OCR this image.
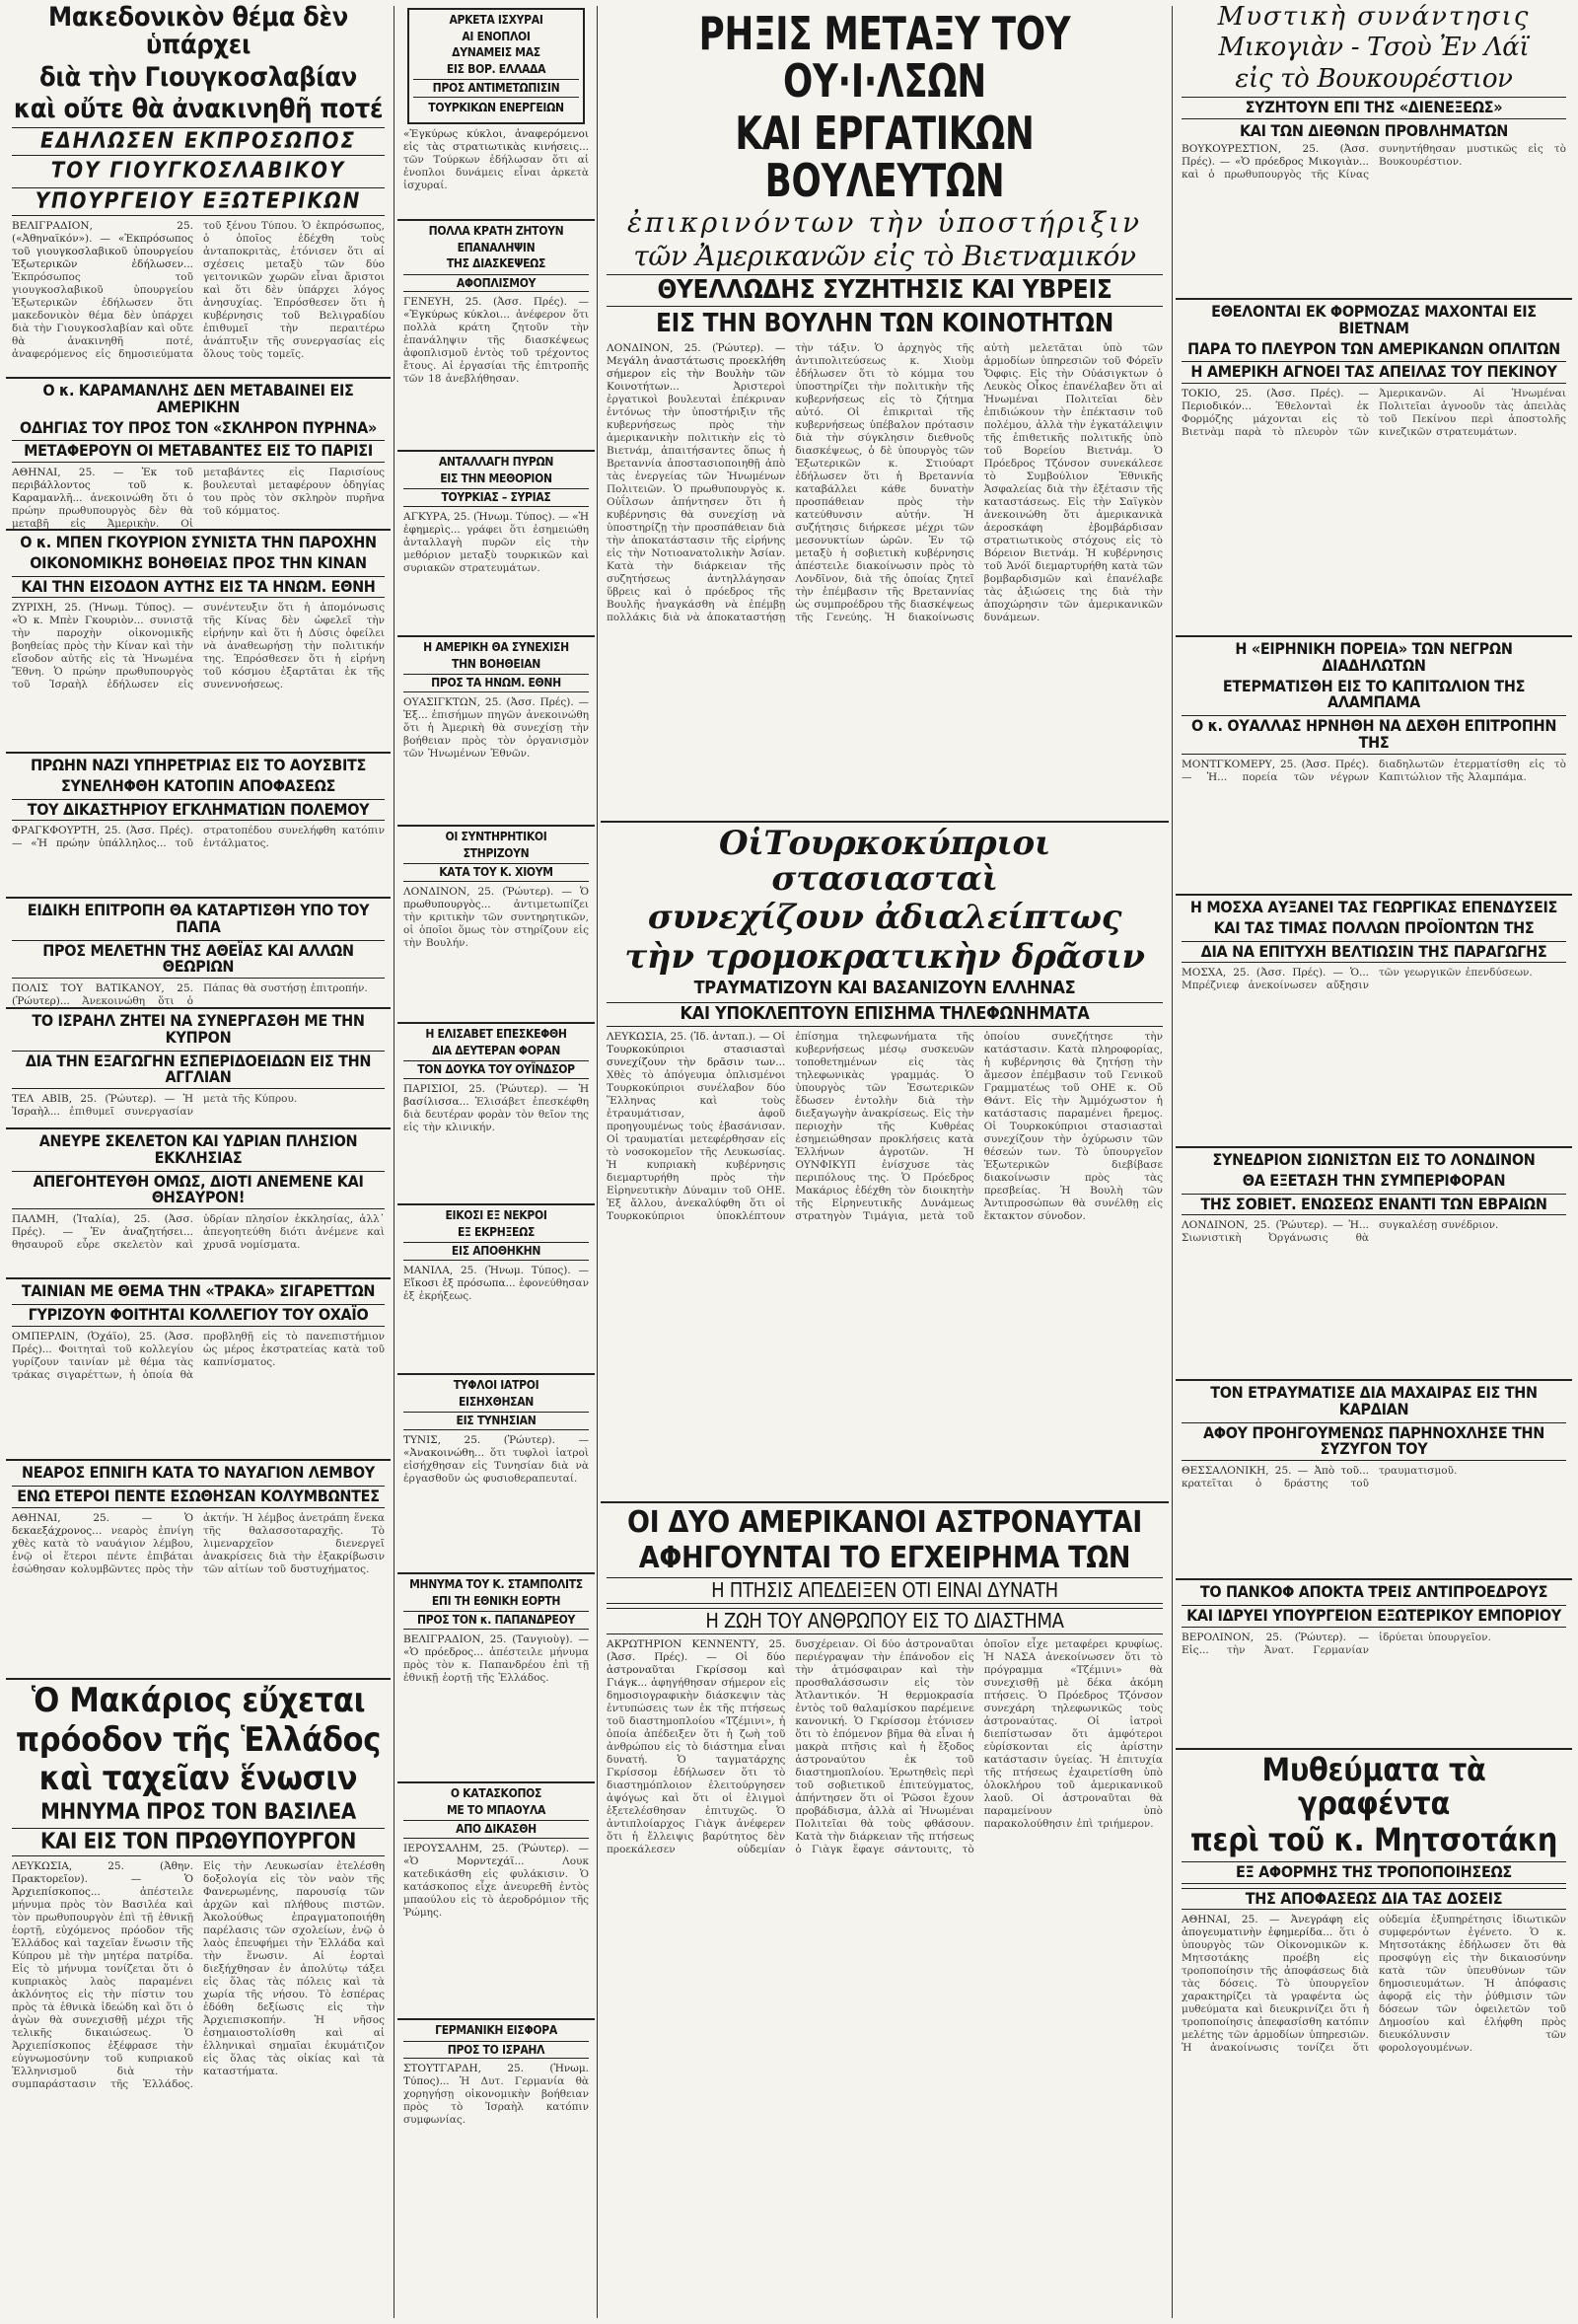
Μακεδονικὸν θέμα δὲν ὑπάρχει
διὰ τὴν Γιουγκοσλαβίαν
καὶ οὔτε θὰ ἀνακινηθῆ ποτέ
ΕΔΗΛΩΣΕΝ ΕΚΠΡΟΣΩΠΟΣ
ΤΟΥ ΓΙΟΥΓΚΟΣΛΑΒΙΚΟΥ
ΥΠΟΥΡΓΕΙΟΥ ΕΞΩΤΕΡΙΚΩΝ
ΒΕΛΙΓΡΑΔΙΟΝ, 25. («Ἀθηναϊκόν»). — «Ἐκπρόσωπος τοῦ γιουγκοσλαβικοῦ ὑπουργείου Ἐξωτερικῶν ἐδήλωσεν... Ἐκπρόσωπος τοῦ γιουγκοσλαβικοῦ ὑπουργείου Ἐξωτερικῶν ἐδήλωσεν ὅτι μακεδονικὸν θέμα δὲν ὑπάρχει διὰ τὴν Γιουγκοσλαβίαν καὶ οὔτε θὰ ἀνακινηθῆ ποτέ, ἀναφερόμενος εἰς δημοσιεύματα τοῦ ξένου Τύπου. Ὁ ἐκπρόσωπος, ὁ ὁποῖος ἐδέχθη τοὺς ἀνταποκριτὰς, ἐτόνισεν ὅτι αἱ σχέσεις μεταξὺ τῶν δύο γειτονικῶν χωρῶν εἶναι ἄριστοι καὶ ὅτι δὲν ὑπάρχει λόγος ἀνησυχίας. Ἐπρόσθεσεν ὅτι ἡ κυβέρνησις τοῦ Βελιγραδίου ἐπιθυμεῖ τὴν περαιτέρω ἀνάπτυξιν τῆς συνεργασίας εἰς ὅλους τοὺς τομεῖς.
Ο κ. ΚΑΡΑΜΑΝΛΗΣ ΔΕΝ ΜΕΤΑΒΑΙΝΕΙ ΕΙΣ ΑΜΕΡΙΚΗΝ
ΟΔΗΓΙΑΣ ΤΟΥ ΠΡΟΣ ΤΟΝ «ΣΚΛΗΡΟΝ ΠΥΡΗΝΑ»
ΜΕΤΑΦΕΡΟΥΝ ΟΙ ΜΕΤΑΒΑΝΤΕΣ ΕΙΣ ΤΟ ΠΑΡΙΣΙ
ΑΘΗΝΑΙ, 25. — Ἐκ τοῦ περιβάλλοντος τοῦ κ. Καραμανλῆ... ἀνεκοινώθη ὅτι ὁ πρώην πρωθυπουργὸς δὲν θὰ μεταβῆ εἰς Ἀμερικὴν. Οἱ μεταβάντες εἰς Παρισίους βουλευταὶ μεταφέρουν ὁδηγίας του πρὸς τὸν σκληρὸν πυρῆνα τοῦ κόμματος.
Ο κ. ΜΠΕΝ ΓΚΟΥΡΙΟΝ ΣΥΝΙΣΤΑ ΤΗΝ ΠΑΡΟΧΗΝ
ΟΙΚΟΝΟΜΙΚΗΣ ΒΟΗΘΕΙΑΣ ΠΡΟΣ ΤΗΝ ΚΙΝΑΝ
ΚΑΙ ΤΗΝ ΕΙΣΟΔΟΝ ΑΥΤΗΣ ΕΙΣ ΤΑ ΗΝΩΜ. ΕΘΝΗ
ΖΥΡΙΧΗ, 25. (Ἡνωμ. Τύπος). — «Ὁ κ. Μπὲν Γκουριὸν... συνιστᾷ τὴν παροχὴν οἰκονομικῆς βοηθείας πρὸς τὴν Κίναν καὶ τὴν εἴσοδον αὐτῆς εἰς τὰ Ἡνωμένα Ἔθνη. Ὁ πρώην πρωθυπουργὸς τοῦ Ἰσραὴλ ἐδήλωσεν εἰς συνέντευξιν ὅτι ἡ ἀπομόνωσις τῆς Κίνας δὲν ὠφελεῖ τὴν εἰρήνην καὶ ὅτι ἡ Δύσις ὀφείλει νὰ ἀναθεωρήσῃ τὴν πολιτικήν της. Ἐπρόσθεσεν ὅτι ἡ εἰρήνη τοῦ κόσμου ἐξαρτᾶται ἐκ τῆς συνεννοήσεως.
ΠΡΩΗΝ ΝΑΖΙ ΥΠΗΡΕΤΡΙΑΣ ΕΙΣ ΤΟ ΑΟΥΣΒΙΤΣ
ΣΥΝΕΛΗΦΘΗ ΚΑΤΟΠΙΝ ΑΠΟΦΑΣΕΩΣ
ΤΟΥ ΔΙΚΑΣΤΗΡΙΟΥ ΕΓΚΛΗΜΑΤΙΩΝ ΠΟΛΕΜΟΥ
ΦΡΑΓΚΦΟΥΡΤΗ, 25. (Ἀσσ. Πρές). — «Ἡ πρώην ὑπάλληλος... τοῦ στρατοπέδου συνελήφθη κατόπιν ἐντάλματος.
ΕΙΔΙΚΗ ΕΠΙΤΡΟΠΗ ΘΑ ΚΑΤΑΡΤΙΣΘΗ ΥΠΟ ΤΟΥ ΠΑΠΑ
ΠΡΟΣ ΜΕΛΕΤΗΝ ΤΗΣ ΑΘΕΪΑΣ ΚΑΙ ΑΛΛΩΝ ΘΕΩΡΙΩΝ
ΠΟΛΙΣ ΤΟΥ ΒΑΤΙΚΑΝΟΥ, 25. (Ῥώυτερ)... Ἀνεκοινώθη ὅτι ὁ Πάπας θὰ συστήσῃ ἐπιτροπήν.
ΤΟ ΙΣΡΑΗΛ ΖΗΤΕΙ ΝΑ ΣΥΝΕΡΓΑΣΘΗ ΜΕ ΤΗΝ ΚΥΠΡΟΝ
ΔΙΑ ΤΗΝ ΕΞΑΓΩΓΗΝ ΕΣΠΕΡΙΔΟΕΙΔΩΝ ΕΙΣ ΤΗΝ ΑΓΓΛΙΑΝ
ΤΕΛ ΑΒΙΒ, 25. (Ῥώυτερ). — Ἡ Ἰσραὴλ... ἐπιθυμεῖ συνεργασίαν μετὰ τῆς Κύπρου.
ΑΝΕΥΡΕ ΣΚΕΛΕΤΟΝ ΚΑΙ ΥΔΡΙΑΝ ΠΛΗΣΙΟΝ ΕΚΚΛΗΣΙΑΣ
ΑΠΕΓΟΗΤΕΥΘΗ ΟΜΩΣ, ΔΙΟΤΙ ΑΝΕΜΕΝΕ ΚΑΙ ΘΗΣΑΥΡΟΝ!
ΠΑΛΜΗ, (Ἰταλία), 25. (Ἀσσ. Πρές). — Ἐν ἀναζητήσει... θησαυροῦ εὗρε σκελετὸν καὶ ὑδρίαν πλησίον ἐκκλησίας, ἀλλ᾽ ἀπεγοητεύθη διότι ἀνέμενε καὶ χρυσᾶ νομίσματα.
ΤΑΙΝΙΑΝ ΜΕ ΘΕΜΑ ΤΗΝ «ΤΡΑΚΑ» ΣΙΓΑΡΕΤΤΩΝ
ΓΥΡΙΖΟΥΝ ΦΟΙΤΗΤΑΙ ΚΟΛΛΕΓΙΟΥ ΤΟΥ ΟΧΑΪΟ
ΟΜΠΕΡΛΙΝ, (Ὀχάϊο), 25. (Ἀσσ. Πρές)... Φοιτηταὶ τοῦ κολλεγίου γυρίζουν ταινίαν μὲ θέμα τὰς τράκας σιγαρέττων, ἡ ὁποία θὰ προβληθῇ εἰς τὸ πανεπιστήμιον ὡς μέρος ἐκστρατείας κατὰ τοῦ καπνίσματος.
ΝΕΑΡΟΣ ΕΠΝΙΓΗ ΚΑΤΑ ΤΟ ΝΑΥΑΓΙΟΝ ΛΕΜΒΟΥ
ΕΝΩ ΕΤΕΡΟΙ ΠΕΝΤΕ ΕΣΩΘΗΣΑΝ ΚΟΛΥΜΒΩΝΤΕΣ
ΑΘΗΝΑΙ, 25. — Ὁ δεκαεξάχρονος... νεαρὸς ἐπνίγη χθὲς κατὰ τὸ ναυάγιον λέμβου, ἐνῷ οἱ ἕτεροι πέντε ἐπιβάται ἐσώθησαν κολυμβῶντες πρὸς τὴν ἀκτήν. Ἡ λέμβος ἀνετράπη ἕνεκα τῆς θαλασσοταραχῆς. Τὸ λιμεναρχεῖον διενεργεῖ ἀνακρίσεις διὰ τὴν ἐξακρίβωσιν τῶν αἰτίων τοῦ δυστυχήματος.
Ὁ Μακάριος εὔχεται
πρόοδον τῆς Ἑλλάδος
καὶ ταχεῖαν ἕνωσιν
ΜΗΝΥΜΑ ΠΡΟΣ ΤΟΝ ΒΑΣΙΛΕΑ
ΚΑΙ ΕΙΣ ΤΟΝ ΠΡΩΘΥΠΟΥΡΓΟΝ
ΛΕΥΚΩΣΙΑ, 25. (Ἀθην. Πρακτορεῖον). — Ὁ Ἀρχιεπίσκοπος...	ἀπέστειλε μήνυμα πρὸς τὸν Βασιλέα καὶ τὸν πρωθυπουργὸν ἐπὶ τῇ ἐθνικῇ ἑορτῇ, εὐχόμενος πρόοδον τῆς Ἑλλάδος καὶ ταχεῖαν ἕνωσιν τῆς Κύπρου μὲ τὴν μητέρα πατρίδα. Εἰς τὸ μήνυμα τονίζεται ὅτι ὁ κυπριακὸς λαὸς παραμένει ἀκλόνητος εἰς τὴν πίστιν του πρὸς τὰ ἐθνικὰ ἰδεώδη καὶ ὅτι ὁ ἀγὼν θὰ συνεχισθῇ μέχρι τῆς τελικῆς δικαιώσεως. Ὁ Ἀρχιεπίσκοπος ἐξέφρασε τὴν εὐγνωμοσύνην τοῦ κυπριακοῦ Ἑλληνισμοῦ διὰ τὴν συμπαράστασιν τῆς Ἑλλάδος. Εἰς τὴν Λευκωσίαν ἐτελέσθη δοξολογία εἰς τὸν ναὸν τῆς Φανερωμένης, παρουσίᾳ τῶν ἀρχῶν καὶ πλήθους πιστῶν. Ἀκολούθως ἐπραγματοποιήθη παρέλασις τῶν σχολείων, ἐνῷ ὁ λαὸς ἐπευφήμει τὴν Ἑλλάδα καὶ τὴν ἕνωσιν. Αἱ ἑορταὶ διεξήχθησαν ἐν ἀπολύτῳ τάξει εἰς ὅλας τὰς πόλεις καὶ τὰ χωρία τῆς νήσου. Τὸ ἑσπέρας ἐδόθη δεξίωσις εἰς τὴν Ἀρχιεπισκοπήν. Ἡ νῆσος ἐσημαιοστολίσθη καὶ αἱ ἑλληνικαὶ σημαῖαι ἐκυμάτιζον εἰς ὅλας τὰς οἰκίας καὶ τὰ καταστήματα.
ΑΡΚΕΤΑ ΙΣΧΥΡΑΙ
ΑΙ ΕΝΟΠΛΟΙ
ΔΥΝΑΜΕΙΣ ΜΑΣ
ΕΙΣ ΒΟΡ. ΕΛΛΑΔΑ
ΠΡΟΣ ΑΝΤΙΜΕΤΩΠΙΣΙΝ
ΤΟΥΡΚΙΚΩΝ ΕΝΕΡΓΕΙΩΝ
«Ἐγκύρως κύκλοι, ἀναφερόμενοι εἰς τὰς στρατιωτικὰς κινήσεις... τῶν Τούρκων ἐδήλωσαν ὅτι αἱ ἐνοπλοι δυνάμεις εἶναι ἀρκετὰ ἰσχυραί.
ΠΟΛΛΑ ΚΡΑΤΗ ΖΗΤΟΥΝ
ΕΠΑΝΑΛΗΨΙΝ
ΤΗΣ ΔΙΑΣΚΕΨΕΩΣ
ΑΦΟΠΛΙΣΜΟΥ
ΓΕΝΕΥΗ, 25. (Ἀσσ. Πρές). — «Ἐγκύρως κύκλοι... ἀνέφερον ὅτι πολλὰ κράτη ζητοῦν τὴν ἐπανάληψιν τῆς διασκέψεως ἀφοπλισμοῦ ἐντὸς τοῦ τρέχοντος ἔτους. Αἱ ἐργασίαι τῆς ἐπιτροπῆς τῶν 18 ἀνεβλήθησαν.
ΑΝΤΑΛΛΑΓΗ ΠΥΡΩΝ
ΕΙΣ ΤΗΝ ΜΕΘΟΡΙΟΝ
ΤΟΥΡΚΙΑΣ – ΣΥΡΙΑΣ
ΑΓΚΥΡΑ, 25. (Ἡνωμ. Τύπος). — «Ἡ ἐφημερὶς... γράφει ὅτι ἐσημειώθη ἀνταλλαγὴ πυρῶν εἰς τὴν μεθόριον μεταξὺ τουρκικῶν καὶ συριακῶν στρατευμάτων.
Η ΑΜΕΡΙΚΗ ΘΑ ΣΥΝΕΧΙΣΗ
ΤΗΝ ΒΟΗΘΕΙΑΝ
ΠΡΟΣ ΤΑ ΗΝΩΜ. ΕΘΝΗ
ΟΥΑΣΙΓΚΤΩΝ, 25. (Ἀσσ. Πρές). — Ἐξ... ἐπισήμων πηγῶν ἀνεκοινώθη ὅτι ἡ Ἀμερικὴ θὰ συνεχίσῃ τὴν βοήθειαν πρὸς τὸν ὀργανισμὸν τῶν Ἡνωμένων Ἐθνῶν.
ΟΙ ΣΥΝΤΗΡΗΤΙΚΟΙ
ΣΤΗΡΙΖΟΥΝ
ΚΑΤΑ ΤΟΥ Κ. ΧΙΟΥΜ
ΛΟΝΔΙΝΟΝ, 25. (Ῥώυτερ). — Ὁ πρωθυπουργὸς... ἀντιμετωπίζει τὴν κριτικὴν τῶν συντηρητικῶν, οἱ ὁποῖοι ὅμως τὸν στηρίζουν εἰς τὴν Βουλήν.
Η ΕΛΙΣΑΒΕΤ ΕΠΕΣΚΕΦΘΗ
ΔΙΑ ΔΕΥΤΕΡΑΝ ΦΟΡΑΝ
ΤΟΝ ΔΟΥΚΑ ΤΟΥ ΟΥΪΝΔΣΟΡ
ΠΑΡΙΣΙΟΙ, 25. (Ῥώυτερ). — Ἡ βασίλισσα... Ἐλισάβετ ἐπεσκέφθη διὰ δευτέραν φορὰν τὸν θεῖον της εἰς τὴν κλινικήν.
ΕΙΚΟΣΙ ΕΞ ΝΕΚΡΟΙ
ΕΞ ΕΚΡΗΞΕΩΣ
ΕΙΣ ΑΠΟΘΗΚΗΝ
ΜΑΝΙΛΑ, 25. (Ἡνωμ. Τύπος). — Εἴκοσι ἐξ πρόσωπα... ἐφονεύθησαν ἐξ ἐκρήξεως.
ΤΥΦΛΟΙ ΙΑΤΡΟΙ
ΕΙΣΗΧΘΗΣΑΝ
ΕΙΣ ΤΥΝΗΣΙΑΝ
ΤΥΝΙΣ, 25. (Ῥώυτερ). — «Ἀνακοινώθη... ὅτι τυφλοὶ ἰατροὶ εἰσήχθησαν εἰς Τυνησίαν διὰ νὰ ἐργασθοῦν ὡς φυσιοθεραπευταί.
ΜΗΝΥΜΑ ΤΟΥ Κ. ΣΤΑΜΠΟΛΙΤΣ
ΕΠΙ ΤΗ ΕΘΝΙΚΗ ΕΟΡΤΗ
ΠΡΟΣ ΤΟΝ κ. ΠΑΠΑΝΔΡΕΟΥ
ΒΕΛΙΓΡΑΔΙΟΝ, 25. (Τανγιοὺγ). — «Ὁ πρόεδρος... ἀπέστειλε μήνυμα πρὸς τὸν κ. Παπανδρέου ἐπὶ τῇ ἐθνικῇ ἑορτῇ τῆς Ἑλλάδος.
Ο ΚΑΤΑΣΚΟΠΟΣ
ΜΕ ΤΟ ΜΠΑΟΥΛΑ
ΑΠΟ ΔΙΚΑΣΘΗ
ΙΕΡΟΥΣΑΛΗΜ, 25. (Ῥώυτερ). — «Ὁ Μορντεχάϊ...	Λουκ κατεδικάσθη εἰς φυλάκισιν. Ὁ κατάσκοπος εἶχε ἀνευρεθῆ ἐντὸς μπαούλου εἰς τὸ ἀεροδρόμιον τῆς Ῥώμης.
ΓΕΡΜΑΝΙΚΗ ΕΙΣΦΟΡΑ
ΠΡΟΣ ΤΟ ΙΣΡΑΗΛ
ΣΤΟΥΤΓΑΡΔΗ, 25. (Ἡνωμ. Τύπος)... Ἡ Δυτ. Γερμανία θὰ χορηγήσῃ οἰκονομικὴν βοήθειαν πρὸς τὸ Ἰσραὴλ κατόπιν συμφωνίας.
ΡΗΞΙΣ ΜΕΤΑΞΥ ΤΟΥ ΟΥ·Ι·ΛΣΩΝ
ΚΑΙ ΕΡΓΑΤΙΚΩΝ ΒΟΥΛΕΥΤΩΝ
ἐπικρινόντων τὴν ὑποστήριξιν
τῶν Ἀμερικανῶν εἰς τὸ Βιετναμικόν
ΘΥΕΛΛΩΔΗΣ ΣΥΖΗΤΗΣΙΣ ΚΑΙ ΥΒΡΕΙΣ
ΕΙΣ ΤΗΝ ΒΟΥΛΗΝ ΤΩΝ ΚΟΙΝΟΤΗΤΩΝ
ΛΟΝΔΙΝΟΝ, 25. (Ῥώυτερ). — Μεγάλη ἀναστάτωσις προεκλήθη σήμερον εἰς τὴν Βουλὴν τῶν Κοινοτήτων...	Ἀριστεροὶ ἐργατικοὶ βουλευταὶ ἐπέκριναν ἐντόνως τὴν ὑποστήριξιν τῆς κυβερνήσεως πρὸς τὴν ἀμερικανικὴν πολιτικὴν εἰς τὸ Βιετνάμ, ἀπαιτήσαντες ὅπως ἡ Βρεταννία ἀποστασιοποιηθῇ ἀπὸ τὰς ἐνεργείας τῶν Ἡνωμένων Πολιτειῶν. Ὁ πρωθυπουργὸς κ. Οὐΐλσων ἀπήντησεν ὅτι ἡ κυβέρνησις θὰ συνεχίσῃ νὰ ὑποστηρίζῃ τὴν προσπάθειαν διὰ τὴν ἀποκατάστασιν τῆς εἰρήνης εἰς τὴν Νοτιοανατολικὴν Ἀσίαν. Κατὰ τὴν διάρκειαν τῆς συζητήσεως ἀντηλλάγησαν ὕβρεις καὶ ὁ πρόεδρος τῆς Βουλῆς ἠναγκάσθη νὰ ἐπέμβῃ πολλάκις διὰ νὰ ἀποκαταστήσῃ τὴν τάξιν. Ὁ ἀρχηγὸς τῆς ἀντιπολιτεύσεως κ. Χιοὺμ ἐδήλωσεν ὅτι τὸ κόμμα του ὑποστηρίζει τὴν πολιτικὴν τῆς κυβερνήσεως εἰς τὸ ζήτημα αὐτό. Οἱ ἐπικριταὶ τῆς κυβερνήσεως ὑπέβαλον πρότασιν διὰ τὴν σύγκλησιν διεθνοῦς διασκέψεως, ὁ δὲ ὑπουργὸς τῶν Ἐξωτερικῶν κ. Στιούαρτ ἐδήλωσεν ὅτι ἡ Βρεταννία καταβάλλει κάθε δυνατὴν προσπάθειαν πρὸς τὴν κατεύθυνσιν αὐτήν. Ἡ συζήτησις διήρκεσε μέχρι τῶν μεσονυκτίων ὡρῶν. Ἐν τῷ μεταξὺ ἡ σοβιετικὴ κυβέρνησις ἀπέστειλε διακοίνωσιν πρὸς τὸ Λονδῖνον, διὰ τῆς ὁποίας ζητεῖ τὴν ἐπέμβασιν τῆς Βρεταννίας ὡς συμπροέδρου τῆς διασκέψεως τῆς Γενεύης. Ἡ διακοίνωσις αὐτὴ μελετᾶται ὑπὸ τῶν ἁρμοδίων ὑπηρεσιῶν τοῦ Φόρεϊν Ὄφφις. Εἰς τὴν Οὐάσιγκτων ὁ Λευκὸς Οἶκος ἐπανέλαβεν ὅτι αἱ Ἡνωμέναι Πολιτεῖαι δὲν ἐπιδιώκουν τὴν ἐπέκτασιν τοῦ πολέμου, ἀλλὰ τὴν ἐγκατάλειψιν τῆς ἐπιθετικῆς πολιτικῆς ὑπὸ τοῦ Βορείου Βιετνάμ. Ὁ Πρόεδρος Τζόνσον συνεκάλεσε τὸ Συμβούλιον Ἐθνικῆς Ἀσφαλείας διὰ τὴν ἐξέτασιν τῆς καταστάσεως. Εἰς τὴν Σαϊγκὸν ἀνεκοινώθη ὅτι ἀμερικανικὰ ἀεροσκάφη ἐβομβάρδισαν στρατιωτικοὺς στόχους εἰς τὸ Βόρειον Βιετνάμ. Ἡ κυβέρνησις τοῦ Ἀνόϊ διεμαρτυρήθη κατὰ τῶν βομβαρδισμῶν καὶ ἐπανέλαβε τὰς ἀξιώσεις της διὰ τὴν ἀποχώρησιν τῶν ἀμερικανικῶν δυνάμεων.
ΟἱΤουρκοκύπριοι στασιασταὶ
συνεχίζουν ἀδιαλείπτως
τὴν τρομοκρατικὴν δρᾶσιν
ΤΡΑΥΜΑΤΙΖΟΥΝ ΚΑΙ ΒΑΣΑΝΙΖΟΥΝ ΕΛΛΗΝΑΣ
ΚΑΙ ΥΠΟΚΛΕΠΤΟΥΝ ΕΠΙΣΗΜΑ ΤΗΛΕΦΩΝΗΜΑΤΑ
ΛΕΥΚΩΣΙΑ, 25. (Ἰδ. ἀνταπ.). — Οἱ Τουρκοκύπριοι στασιασταὶ συνεχίζουν τὴν δρᾶσιν των... Χθὲς τὸ ἀπόγευμα ὁπλισμένοι Τουρκοκύπριοι συνέλαβον δύο Ἕλληνας καὶ τοὺς ἐτραυμάτισαν, ἀφοῦ προηγουμένως τοὺς ἐβασάνισαν. Οἱ τραυματίαι μετεφέρθησαν εἰς τὸ νοσοκομεῖον τῆς Λευκωσίας. Ἡ κυπριακὴ κυβέρνησις διεμαρτυρήθη πρὸς τὴν Εἰρηνευτικὴν Δύναμιν τοῦ ΟΗΕ. Ἐξ ἄλλου, ἀνεκαλύφθη ὅτι οἱ Τουρκοκύπριοι ὑποκλέπτουν ἐπίσημα τηλεφωνήματα τῆς κυβερνήσεως μέσῳ συσκευῶν τοποθετημένων εἰς τὰς τηλεφωνικὰς γραμμάς. Ὁ ὑπουργὸς τῶν Ἐσωτερικῶν ἔδωσεν ἐντολὴν διὰ τὴν διεξαγωγὴν ἀνακρίσεως. Εἰς τὴν περιοχὴν τῆς Κυθρέας ἐσημειώθησαν προκλήσεις κατὰ Ἑλλήνων ἀγροτῶν. Ἡ ΟΥΝΦΙΚΥΠ ἐνίσχυσε τὰς περιπόλους της. Ὁ Πρόεδρος Μακάριος ἐδέχθη τὸν διοικητὴν τῆς Εἰρηνευτικῆς Δυνάμεως στρατηγὸν Τιμάγια, μετὰ τοῦ ὁποίου συνεζήτησε τὴν κατάστασιν. Κατὰ πληροφορίας, ἡ κυβέρνησις θὰ ζητήσῃ τὴν ἄμεσον ἐπέμβασιν τοῦ Γενικοῦ Γραμματέως τοῦ ΟΗΕ κ. Οὔ Θάντ. Εἰς τὴν Ἀμμόχωστον ἡ κατάστασις παραμένει ἤρεμος. Οἱ Τουρκοκύπριοι στασιασταὶ συνεχίζουν τὴν ὀχύρωσιν τῶν θέσεών των. Τὸ ὑπουργεῖον Ἐξωτερικῶν διεβίβασε διακοίνωσιν πρὸς τὰς πρεσβείας. Ἡ Βουλὴ τῶν Ἀντιπροσώπων θὰ συνέλθῃ εἰς ἔκτακτον σύνοδον.
ΟΙ ΔΥΟ ΑΜΕΡΙΚΑΝΟΙ ΑΣΤΡΟΝΑΥΤΑΙ
ΑΦΗΓΟΥΝΤΑΙ ΤΟ ΕΓΧΕΙΡΗΜΑ ΤΩΝ
Η ΠΤΗΣΙΣ ΑΠΕΔΕΙΞΕΝ ΟΤΙ ΕΙΝΑΙ ΔΥΝΑΤΗ
Η ΖΩΗ ΤΟΥ ΑΝΘΡΩΠΟΥ ΕΙΣ ΤΟ ΔΙΑΣΤΗΜΑ
ΑΚΡΩΤΗΡΙΟΝ ΚΕΝΝΕΝΤΥ, 25. (Ἀσσ. Πρές). — Οἱ δύο ἀστροναῦται Γκρίσσομ καὶ Γιάγκ... ἀφηγήθησαν σήμερον εἰς δημοσιογραφικὴν διάσκεψιν τὰς ἐντυπώσεις των ἐκ τῆς πτήσεως τοῦ διαστημοπλοίου «Τζέμινι», ἡ ὁποία ἀπέδειξεν ὅτι ἡ ζωὴ τοῦ ἀνθρώπου εἰς τὸ διάστημα εἶναι δυνατή. Ὁ ταγματάρχης Γκρίσσομ ἐδήλωσεν ὅτι τὸ διαστημόπλοιον ἐλειτούργησεν ἀψόγως καὶ ὅτι οἱ ἐλιγμοὶ ἐξετελέσθησαν ἐπιτυχῶς. Ὁ ἀντιπλοίαρχος Γιὰγκ ἀνέφερεν ὅτι ἡ ἔλλειψις βαρύτητος δὲν προεκάλεσεν οὐδεμίαν δυσχέρειαν. Οἱ δύο ἀστροναῦται περιέγραψαν τὴν ἐπάνοδον εἰς τὴν ἀτμόσφαιραν καὶ τὴν προσθαλάσσωσιν εἰς τὸν Ἀτλαντικόν. Ἡ θερμοκρασία ἐντὸς τοῦ θαλαμίσκου παρέμεινε κανονική. Ὁ Γκρίσσομ ἐτόνισεν ὅτι τὸ ἐπόμενον βῆμα θὰ εἶναι ἡ μακρὰ πτῆσις καὶ ἡ ἔξοδος ἀστροναύτου ἐκ τοῦ διαστημοπλοίου. Ἐρωτηθεὶς περὶ τοῦ σοβιετικοῦ ἐπιτεύγματος, ἀπήντησεν ὅτι οἱ Ῥῶσοι ἔχουν προβάδισμα, ἀλλὰ αἱ Ἡνωμέναι Πολιτεῖαι θὰ τοὺς φθάσουν. Κατὰ τὴν διάρκειαν τῆς πτήσεως ὁ Γιὰγκ ἔφαγε σάντουιτς, τὸ ὁποῖον εἶχε μεταφέρει κρυφίως. Ἡ ΝΑΣΑ ἀνεκοίνωσεν ὅτι τὸ πρόγραμμα «Τζέμινι» θὰ συνεχισθῇ μὲ δέκα ἀκόμη πτήσεις. Ὁ Πρόεδρος Τζόνσον συνεχάρη τηλεφωνικῶς τοὺς ἀστροναύτας. Οἱ ἰατροὶ διεπίστωσαν ὅτι ἀμφότεροι εὑρίσκονται εἰς ἀρίστην κατάστασιν ὑγείας. Ἡ ἐπιτυχία τῆς πτήσεως ἐχαιρετίσθη ὑπὸ ὁλοκλήρου τοῦ ἀμερικανικοῦ λαοῦ. Οἱ ἀστροναῦται θὰ παραμείνουν ὑπὸ παρακολούθησιν ἐπὶ τριήμερον.
Μυστικὴ συνάντησις
Μικογιὰν - Τσοὺ Ἐν Λάϊ
εἰς τὸ Βουκουρέστιον
ΣΥΖΗΤΟΥΝ ΕΠΙ ΤΗΣ «ΔΙΕΝΕΞΕΩΣ»
ΚΑΙ ΤΩΝ ΔΙΕΘΝΩΝ ΠΡΟΒΛΗΜΑΤΩΝ
ΒΟΥΚΟΥΡΕΣΤΙΟΝ, 25. (Ἀσσ. Πρές). — «Ὁ πρόεδρος Μικογιὰν... καὶ ὁ πρωθυπουργὸς τῆς Κίνας συνηντήθησαν μυστικῶς εἰς τὸ Βουκουρέστιον.
ΕΘΕΛΟΝΤΑΙ ΕΚ ΦΟΡΜΟΖΑΣ ΜΑΧΟΝΤΑΙ ΕΙΣ ΒΙΕΤΝΑΜ
ΠΑΡΑ ΤΟ ΠΛΕΥΡΟΝ ΤΩΝ ΑΜΕΡΙΚΑΝΩΝ ΟΠΛΙΤΩΝ
Η ΑΜΕΡΙΚΗ ΑΓΝΟΕΙ ΤΑΣ ΑΠΕΙΛΑΣ ΤΟΥ ΠΕΚΙΝΟΥ
ΤΟΚΙΟ, 25. (Ἀσσ. Πρές). — Περιοδικόν... Ἐθελονταὶ ἐκ Φορμόζης μάχονται εἰς τὸ Βιετνὰμ παρὰ τὸ πλευρὸν τῶν Ἀμερικανῶν. Αἱ Ἡνωμέναι Πολιτεῖαι ἀγνοοῦν τὰς ἀπειλὰς τοῦ Πεκίνου περὶ ἀποστολῆς κινεζικῶν στρατευμάτων.
Η «ΕΙΡΗΝΙΚΗ ΠΟΡΕΙΑ» ΤΩΝ ΝΕΓΡΩΝ ΔΙΑΔΗΛΩΤΩΝ
ΕΤΕΡΜΑΤΙΣΘΗ ΕΙΣ ΤΟ ΚΑΠΙΤΩΛΙΟΝ ΤΗΣ ΑΛΑΜΠΑΜΑ
Ο κ. ΟΥΑΛΛΑΣ ΗΡΝΗΘΗ ΝΑ ΔΕΧΘΗ ΕΠΙΤΡΟΠΗΝ ΤΗΣ
ΜΟΝΤΓΚΟΜΕΡΥ, 25. (Ἀσσ. Πρές). — Ἡ... πορεία τῶν νέγρων διαδηλωτῶν ἐτερματίσθη εἰς τὸ Καπιτώλιον τῆς Ἀλαμπάμα.
Η ΜΟΣΧΑ ΑΥΞΑΝΕΙ ΤΑΣ ΓΕΩΡΓΙΚΑΣ ΕΠΕΝΔΥΣΕΙΣ
ΚΑΙ ΤΑΣ ΤΙΜΑΣ ΠΟΛΛΩΝ ΠΡΟΪΟΝΤΩΝ ΤΗΣ
ΔΙΑ ΝΑ ΕΠΙΤΥΧΗ ΒΕΛΤΙΩΣΙΝ ΤΗΣ ΠΑΡΑΓΩΓΗΣ
ΜΟΣΧΑ, 25. (Ἀσσ. Πρές). — Ὁ... Μπρέζνιεφ ἀνεκοίνωσεν αὔξησιν τῶν γεωργικῶν ἐπενδύσεων.
ΣΥΝΕΔΡΙΟΝ ΣΙΩΝΙΣΤΩΝ ΕΙΣ ΤΟ ΛΟΝΔΙΝΟΝ
ΘΑ ΕΞΕΤΑΣΗ ΤΗΝ ΣΥΜΠΕΡΙΦΟΡΑΝ
ΤΗΣ ΣΟΒΙΕΤ. ΕΝΩΣΕΩΣ ΕΝΑΝΤΙ ΤΩΝ ΕΒΡΑΙΩΝ
ΛΟΝΔΙΝΟΝ, 25. (Ῥώυτερ). — Ἡ... Σιωνιστικὴ Ὀργάνωσις θὰ συγκαλέσῃ συνέδριον.
ΤΟΝ ΕΤΡΑΥΜΑΤΙΣΕ ΔΙΑ ΜΑΧΑΙΡΑΣ ΕΙΣ ΤΗΝ ΚΑΡΔΙΑΝ
ΑΦΟΥ ΠΡΟΗΓΟΥΜΕΝΩΣ ΠΑΡΗΝΟΧΛΗΣΕ ΤΗΝ ΣΥΖΥΓΟΝ ΤΟΥ
ΘΕΣΣΑΛΟΝΙΚΗ, 25. — Ἀπὸ τοῦ... κρατεῖται ὁ δράστης τοῦ τραυματισμοῦ.
ΤΟ ΠΑΝΚΟΦ ΑΠΟΚΤΑ ΤΡΕΙΣ ΑΝΤΙΠΡΟΕΔΡΟΥΣ
ΚΑΙ ΙΔΡΥΕΙ ΥΠΟΥΡΓΕΙΟΝ ΕΞΩΤΕΡΙΚΟΥ ΕΜΠΟΡΙΟΥ
ΒΕΡΟΛΙΝΟΝ, 25. (Ῥώυτερ). — Εἰς... τὴν Ἀνατ. Γερμανίαν ἱδρύεται ὑπουργεῖον.
Μυθεύματα τὰ γραφέντα
περὶ τοῦ κ. Μητσοτάκη
ΕΞ ΑΦΟΡΜΗΣ ΤΗΣ ΤΡΟΠΟΠΟΙΗΣΕΩΣ
ΤΗΣ ΑΠΟΦΑΣΕΩΣ ΔΙΑ ΤΑΣ ΔΟΣΕΙΣ
ΑΘΗΝΑΙ, 25. — Ἀνεγράφη εἰς ἀπογευματινὴν ἐφημερίδα... ὅτι ὁ ὑπουργὸς τῶν Οἰκονομικῶν κ. Μητσοτάκης προέβη εἰς τροποποίησιν τῆς ἀποφάσεως διὰ τὰς δόσεις. Τὸ ὑπουργεῖον χαρακτηρίζει τὰ γραφέντα ὡς μυθεύματα καὶ διευκρινίζει ὅτι ἡ τροποποίησις ἀπεφασίσθη κατόπιν μελέτης τῶν ἁρμοδίων ὑπηρεσιῶν. Ἡ ἀνακοίνωσις τονίζει ὅτι οὐδεμία ἐξυπηρέτησις ἰδιωτικῶν συμφερόντων ἐγένετο. Ὁ κ. Μητσοτάκης ἐδήλωσεν ὅτι θὰ προσφύγῃ εἰς τὴν δικαιοσύνην κατὰ τῶν ὑπευθύνων τῶν δημοσιευμάτων. Ἡ ἀπόφασις ἀφορᾷ εἰς τὴν ῥύθμισιν τῶν δόσεων τῶν ὀφειλετῶν τοῦ Δημοσίου καὶ ἐλήφθη πρὸς διευκόλυνσιν τῶν φορολογουμένων.
